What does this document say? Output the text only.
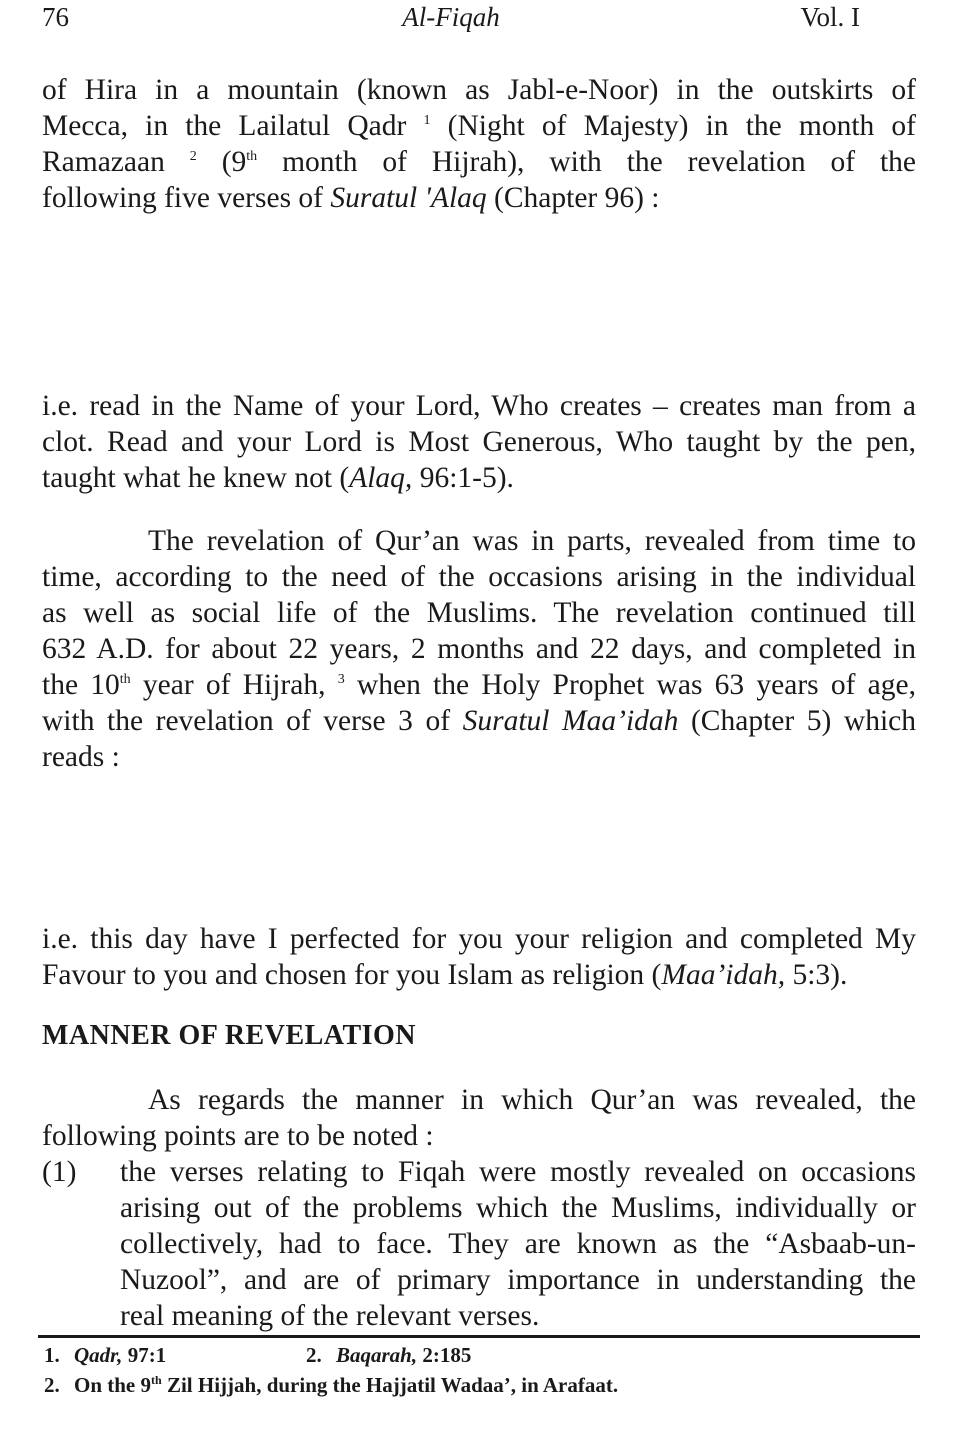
76	Al-Fiqah	Vol. I
of Hira in a mountain (known as Jabl-e-Noor) in the outskirts of
Mecca, in the Lailatul Qadr $^1$ (Night of Majesty) in the month of
Ramazaan $^2$ (9th month of Hijrah), with the revelation of the
following five verses of Suratul 'Alaq (Chapter 96) :
i.e. read in the Name of your Lord, Who creates – creates man from a
clot. Read and your Lord is Most Generous, Who taught by the pen,
taught what he knew not (Alaq, 96:1-5).
The revelation of Qur’an was in parts, revealed from time to
time, according to the need of the occasions arising in the individual
as well as social life of the Muslims. The revelation continued till
632 A.D. for about 22 years, 2 months and 22 days, and completed in
the 10th year of Hijrah, $^3$ when the Holy Prophet was 63 years of age,
with the revelation of verse 3 of Suratul Maa’idah (Chapter 5) which
reads :
i.e. this day have I perfected for you your religion and completed My
Favour to you and chosen for you Islam as religion (Maa’idah, 5:3).
MANNER OF REVELATION
As regards the manner in which Qur’an was revealed, the
following points are to be noted :
(1) the verses relating to Fiqah were mostly revealed on occasions
arising out of the problems which the Muslims, individually or
collectively, had to face. They are known as the “Asbaab-un-
Nuzool”, and are of primary importance in understanding the
real meaning of the relevant verses.
1. Qadr, 97:1	2. Baqarah, 2:185
2. On the 9th Zil Hijjah, during the Hajjatil Wadaa’, in Arafaat.
